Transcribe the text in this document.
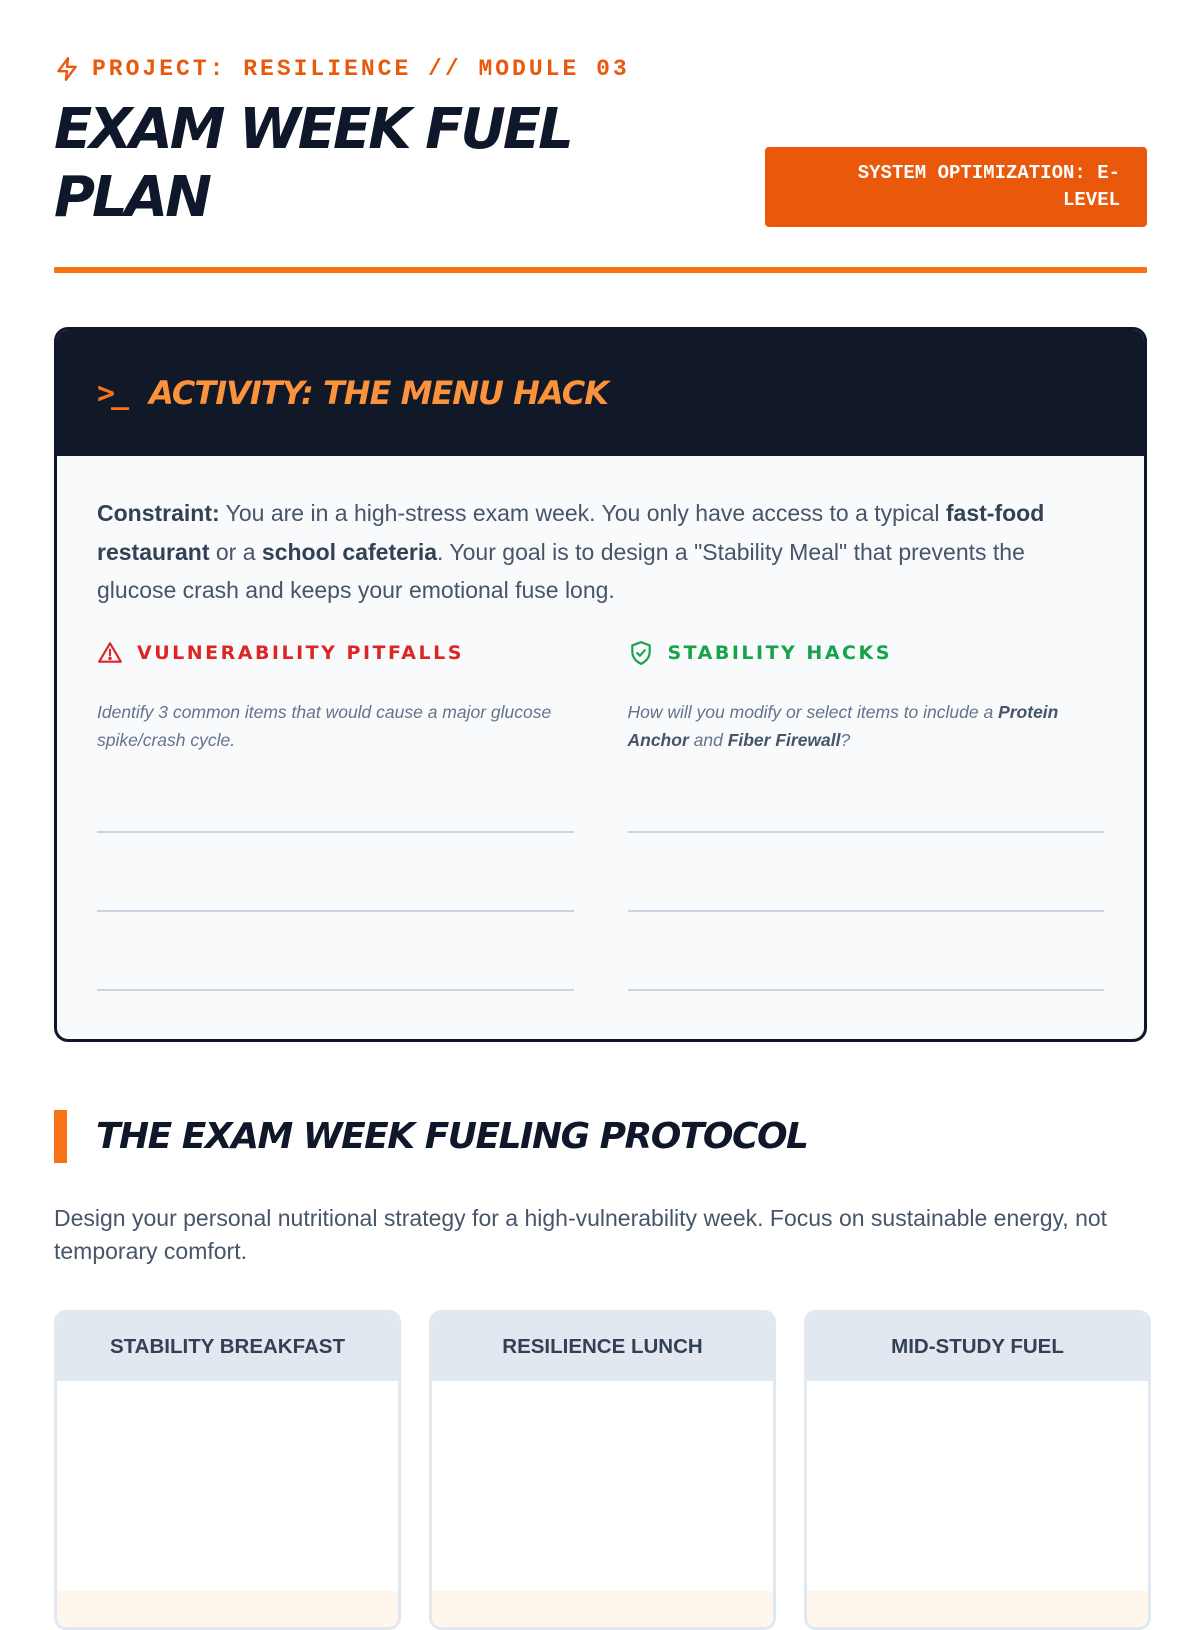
PROJECT: RESILIENCE // MODULE 03
EXAM WEEK FUEL PLAN	SYSTEM OPTIMIZATION: E-LEVEL
>_ ACTIVITY: THE MENU HACK

Constraint: You are in a high-stress exam week. You only have access to a typical fast-food restaurant or a school cafeteria. Your goal is to design a "Stability Meal" that prevents the glucose crash and keeps your emotional fuse long.

VULNERABILITY PITFALLS

Identify 3 common items that would cause a major glucose spike/crash cycle.

STABILITY HACKS

How will you modify or select items to include a Protein Anchor and Fiber Firewall?

THE EXAM WEEK FUELING PROTOCOL

Design your personal nutritional strategy for a high-vulnerability week. Focus on sustainable energy, not temporary comfort.

STABILITY BREAKFAST	RESILIENCE LUNCH	MID-STUDY FUEL
